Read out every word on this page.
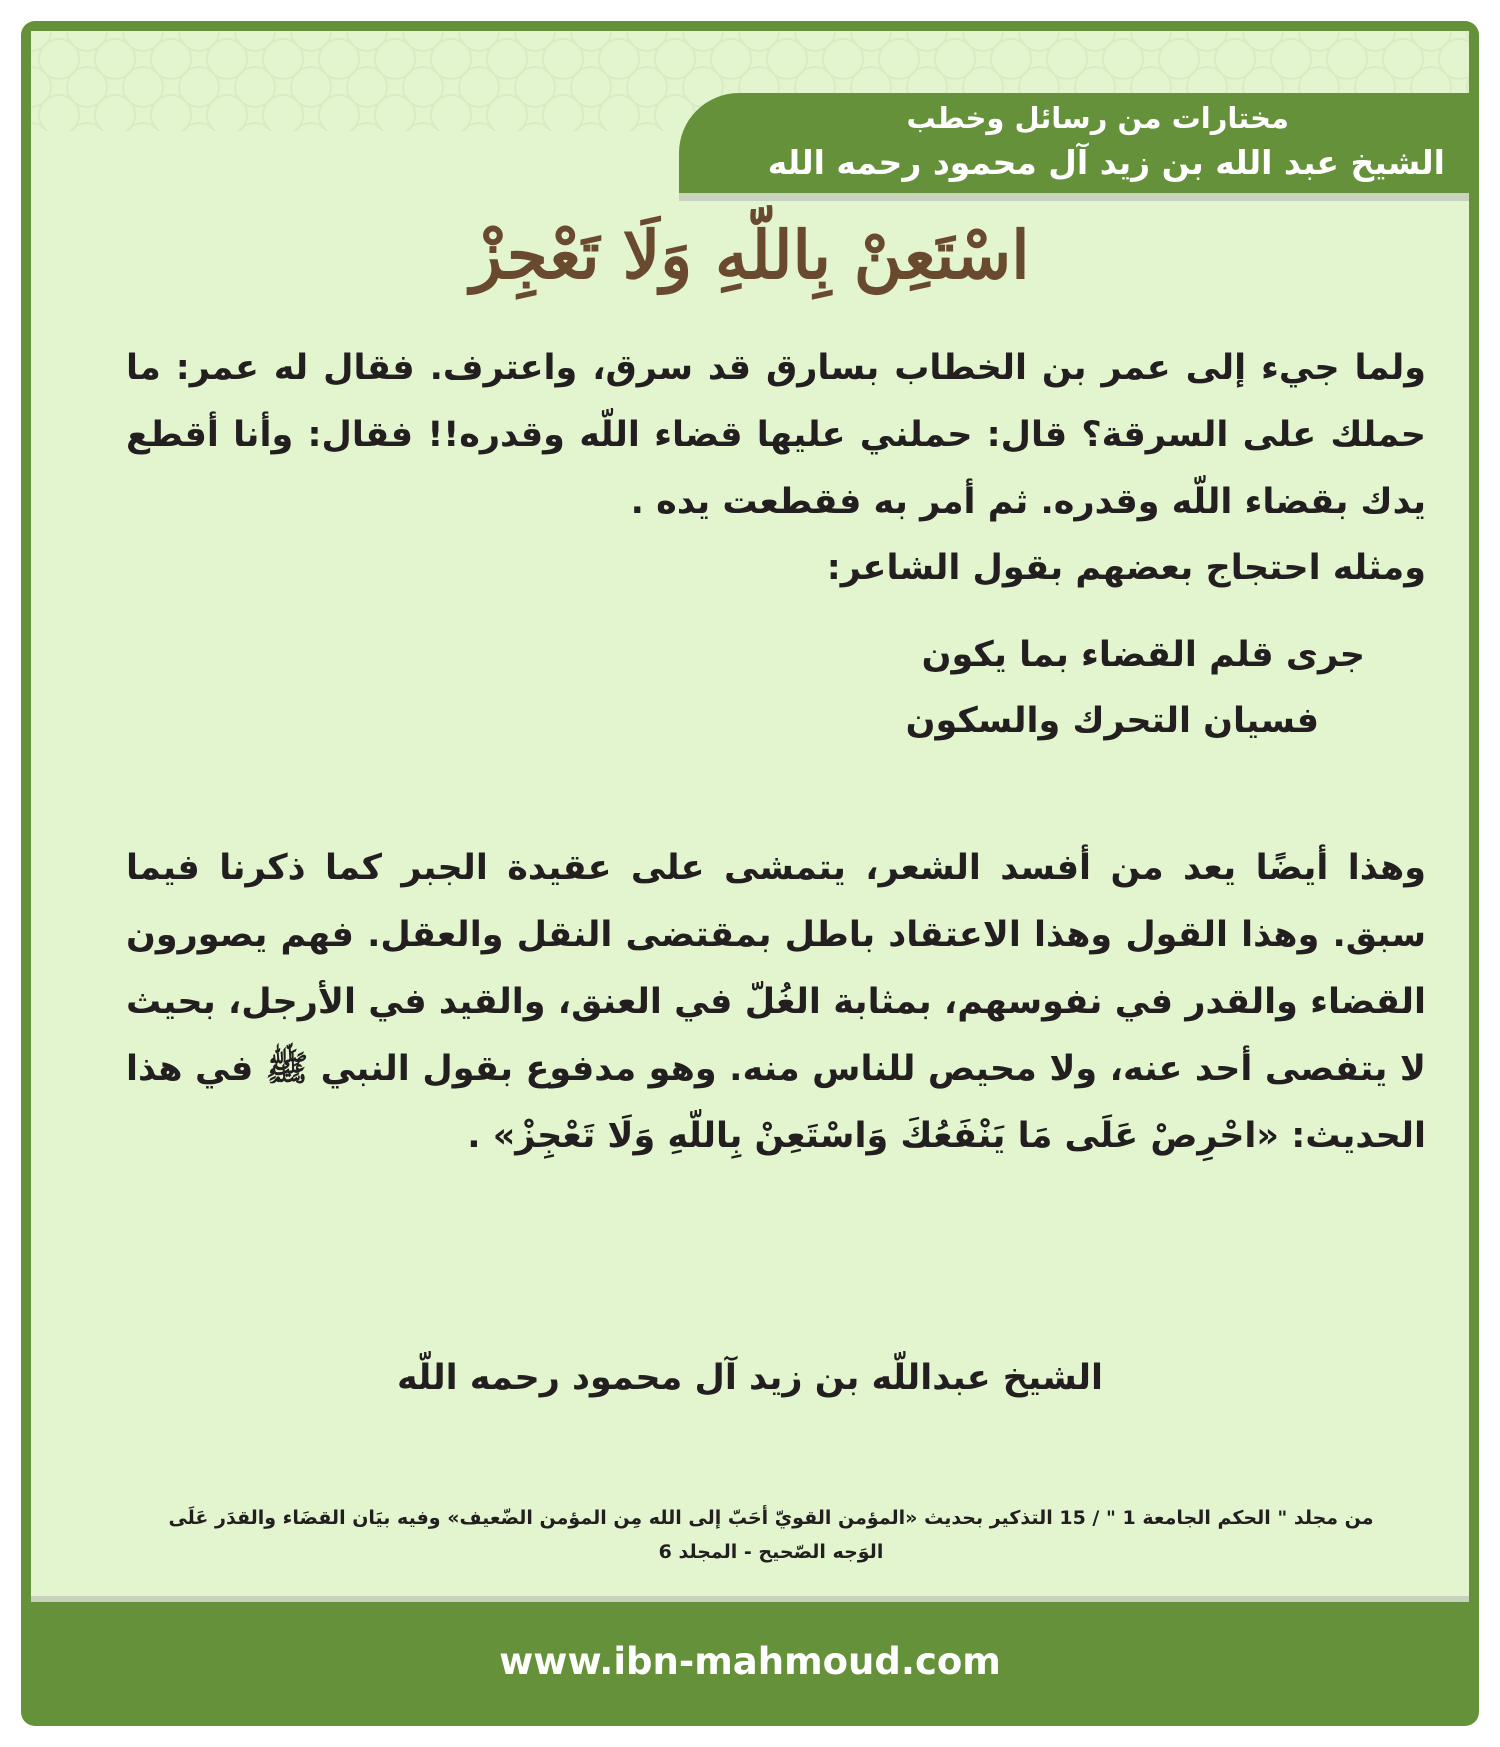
مختارات من رسائل وخطب
الشيخ عبد الله بن زيد آل محمود رحمه الله
اسْتَعِنْ بِاللّهِ وَلَا تَعْجِزْ
ولما جيء إلى عمر بن الخطاب بسارق قد سرق، واعترف. فقال له عمر: ما حملك على السرقة؟ قال: حملني عليها قضاء اللّه وقدره!! فقال: وأنا أقطع يدك بقضاء اللّه وقدره. ثم أمر به فقطعت يده .
ومثله احتجاج بعضهم بقول الشاعر:
جرى قلم القضاء بما يكون
فسيان التحرك والسكون
وهذا أيضًا يعد من أفسد الشعر، يتمشى على عقيدة الجبر كما ذكرنا فيما سبق. وهذا القول وهذا الاعتقاد باطل بمقتضى النقل والعقل. فهم يصورون القضاء والقدر في نفوسهم، بمثابة الغُلّ في العنق، والقيد في الأرجل، بحيث لا يتفصى أحد عنه، ولا محيص للناس منه. وهو مدفوع بقول النبي ﷺ في هذا الحديث: «احْرِصْ عَلَى مَا يَنْفَعُكَ وَاسْتَعِنْ بِاللّهِ وَلَا تَعْجِزْ» .
الشيخ عبداللّه بن زيد آل محمود رحمه اللّه
من مجلد " الحكم الجامعة 1 " / 15 التذكير بحديث «المؤمن القويّ أحَبّ إلى الله مِن المؤمن الضّعيف» وفيه بيَان القضَاء والقدَر عَلَى الوَجه الصّحيح - المجلد 6
www.ibn-mahmoud.com
